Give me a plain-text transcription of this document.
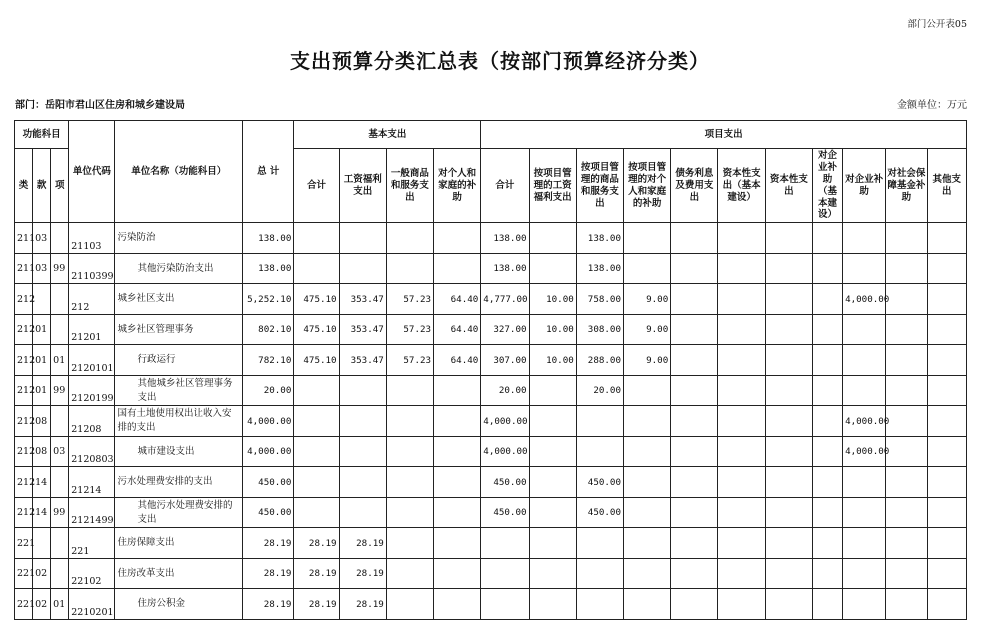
部门公开表05
支出预算分类汇总表（按部门预算经济分类）
部门：岳阳市君山区住房和城乡建设局	金额单位：万元
功能科目			单位代码	单位名称（功能科目）	总 计	基本支出				项目支出										
类	款	项				合计	工资福利支出	一般商品和服务支出	对个人和家庭的补助	合计	按项目管理的工资福利支出	按项目管理的商品和服务支出	按项目管理的对个人和家庭的补助	债务利息及费用支出	资本性支出（基本建设）	资本性支出	对企业补助（基本建设）	对企业补助	对社会保障基金补助	其他支出
211	03		21103	污染防治	138.00					138.00		138.00								
211	03	99	2110399	其他污染防治支出	138.00					138.00		138.00								
212			212	城乡社区支出	5,252.10	475.10	353.47	57.23	64.40	4,777.00	10.00	758.00	9.00					4,000.00		
212	01		21201	城乡社区管理事务	802.10	475.10	353.47	57.23	64.40	327.00	10.00	308.00	9.00							
212	01	01	2120101	行政运行	782.10	475.10	353.47	57.23	64.40	307.00	10.00	288.00	9.00							
212	01	99	2120199	其他城乡社区管理事务支出	20.00					20.00		20.00								
212	08		21208	国有土地使用权出让收入安排的支出	4,000.00					4,000.00								4,000.00		
212	08	03	2120803	城市建设支出	4,000.00					4,000.00								4,000.00		
212	14		21214	污水处理费安排的支出	450.00					450.00		450.00								
212	14	99	2121499	其他污水处理费安排的支出	450.00					450.00		450.00								
221			221	住房保障支出	28.19	28.19	28.19													
221	02		22102	住房改革支出	28.19	28.19	28.19													
221	02	01	2210201	住房公积金	28.19	28.19	28.19													
